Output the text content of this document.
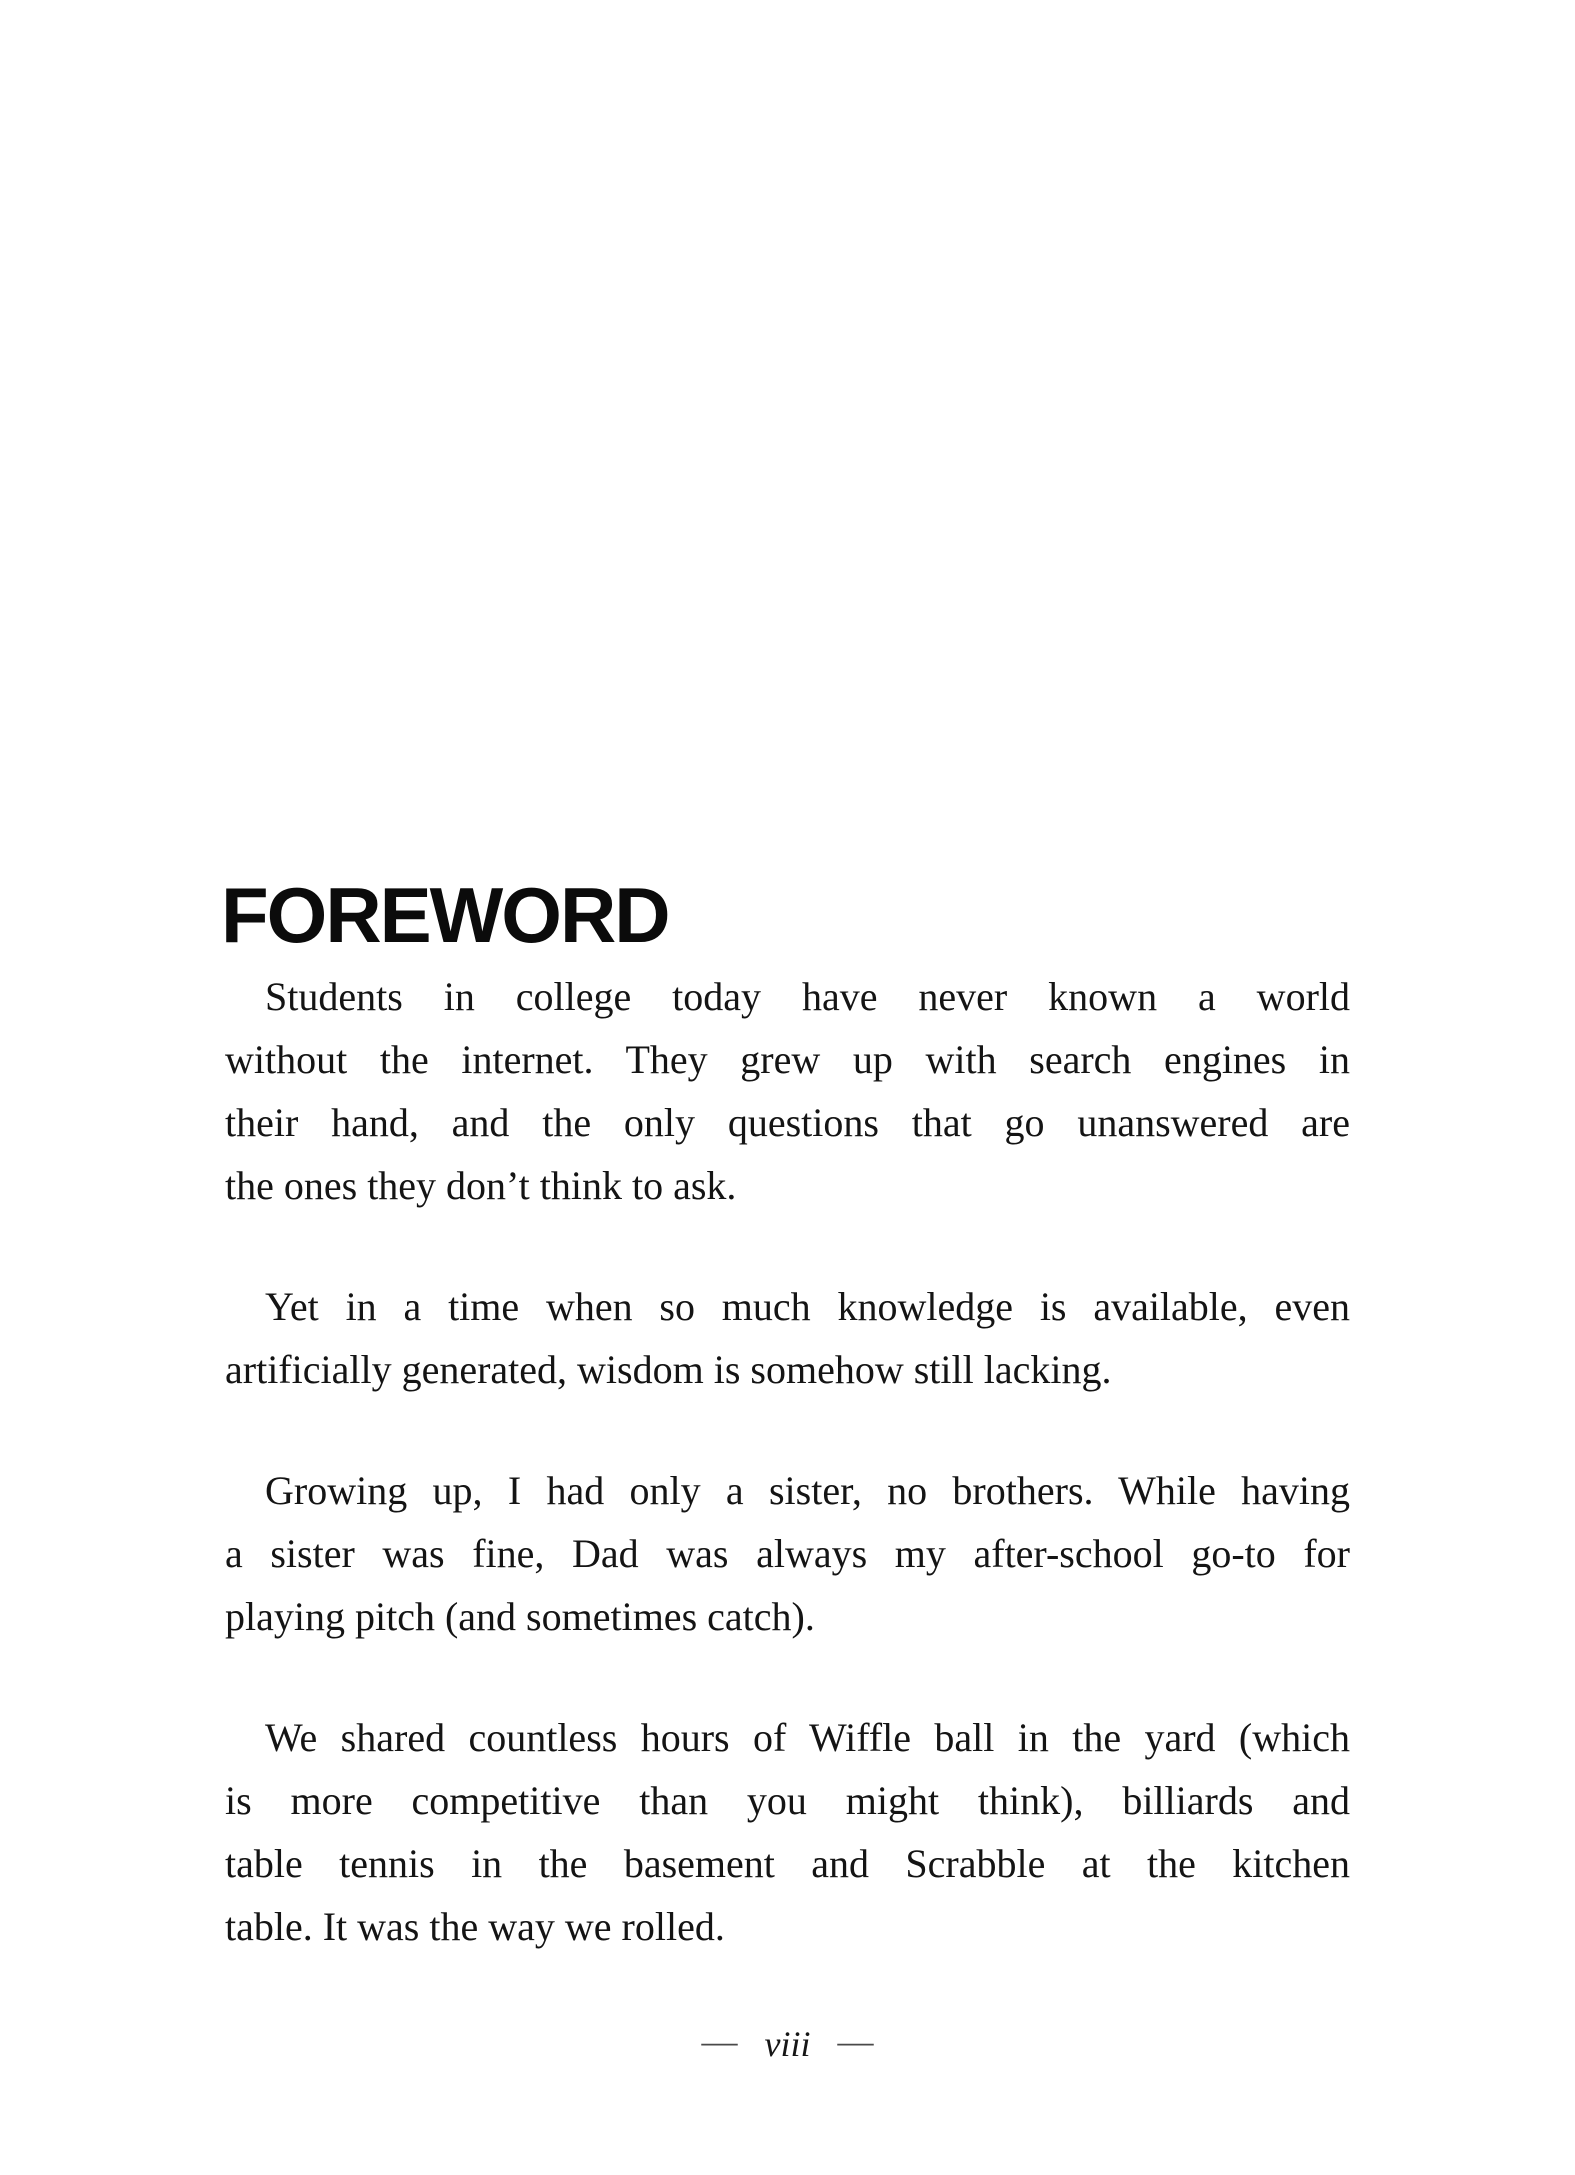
FOREWORD
Students in college today have never known a world
without the internet. They grew up with search engines in
their hand, and the only questions that go unanswered are
the ones they don’t think to ask.
Yet in a time when so much knowledge is available, even
artificially generated, wisdom is somehow still lacking.
Growing up, I had only a sister, no brothers. While having
a sister was fine, Dad was always my after-school go-to for
playing pitch (and sometimes catch).
We shared countless hours of Wiffle ball in the yard (which
is more competitive than you might think), billiards and
table tennis in the basement and Scrabble at the kitchen
table. It was the way we rolled.
— viii —
